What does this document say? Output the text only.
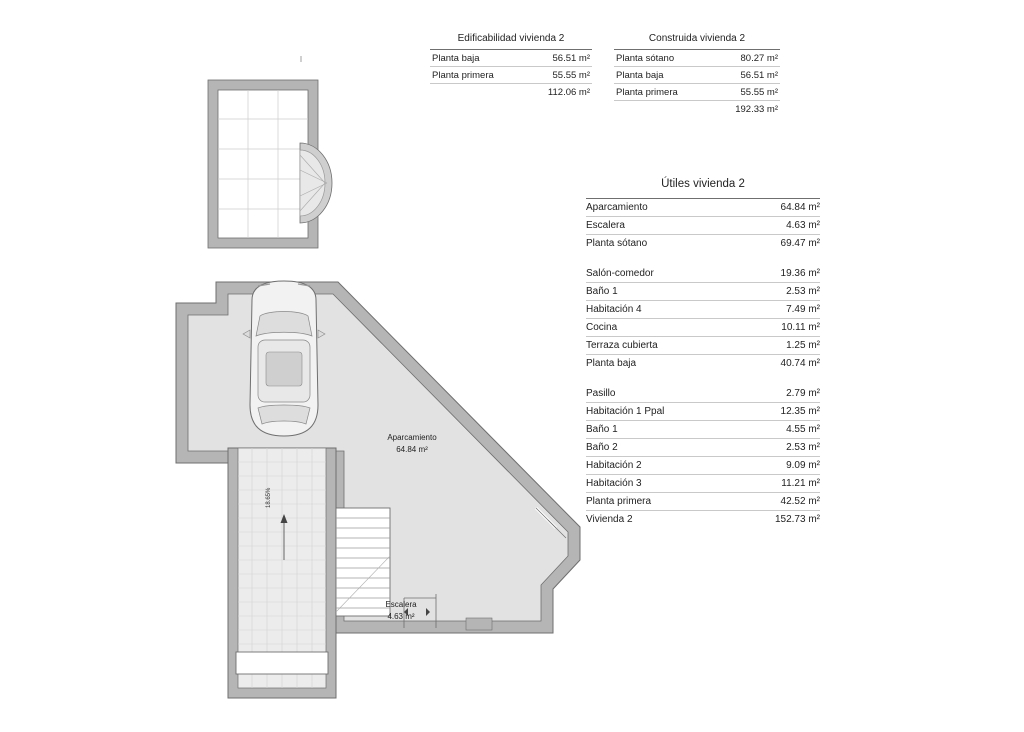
Aparcamiento
64.84 m²
Escalera
4.63 m²
18.65%
Edificabilidad vivienda 2
Planta baja	56.51 m²
Planta primera	55.55 m²
	112.06 m²
Construida vivienda 2
Planta sótano	80.27 m²
Planta baja	56.51 m²
Planta primera	55.55 m²
	192.33 m²
Útiles vivienda 2
Aparcamiento	64.84 m²
Escalera	4.63 m²
Planta sótano	69.47 m²

Salón-comedor	19.36 m²
Baño 1	2.53 m²
Habitación 4	7.49 m²
Cocina	10.11 m²
Terraza cubierta	1.25 m²
Planta baja	40.74 m²

Pasillo	2.79 m²
Habitación 1 Ppal	12.35 m²
Baño 1	4.55 m²
Baño 2	2.53 m²
Habitación 2	9.09 m²
Habitación 3	11.21 m²
Planta primera	42.52 m²
Vivienda 2	152.73 m²
